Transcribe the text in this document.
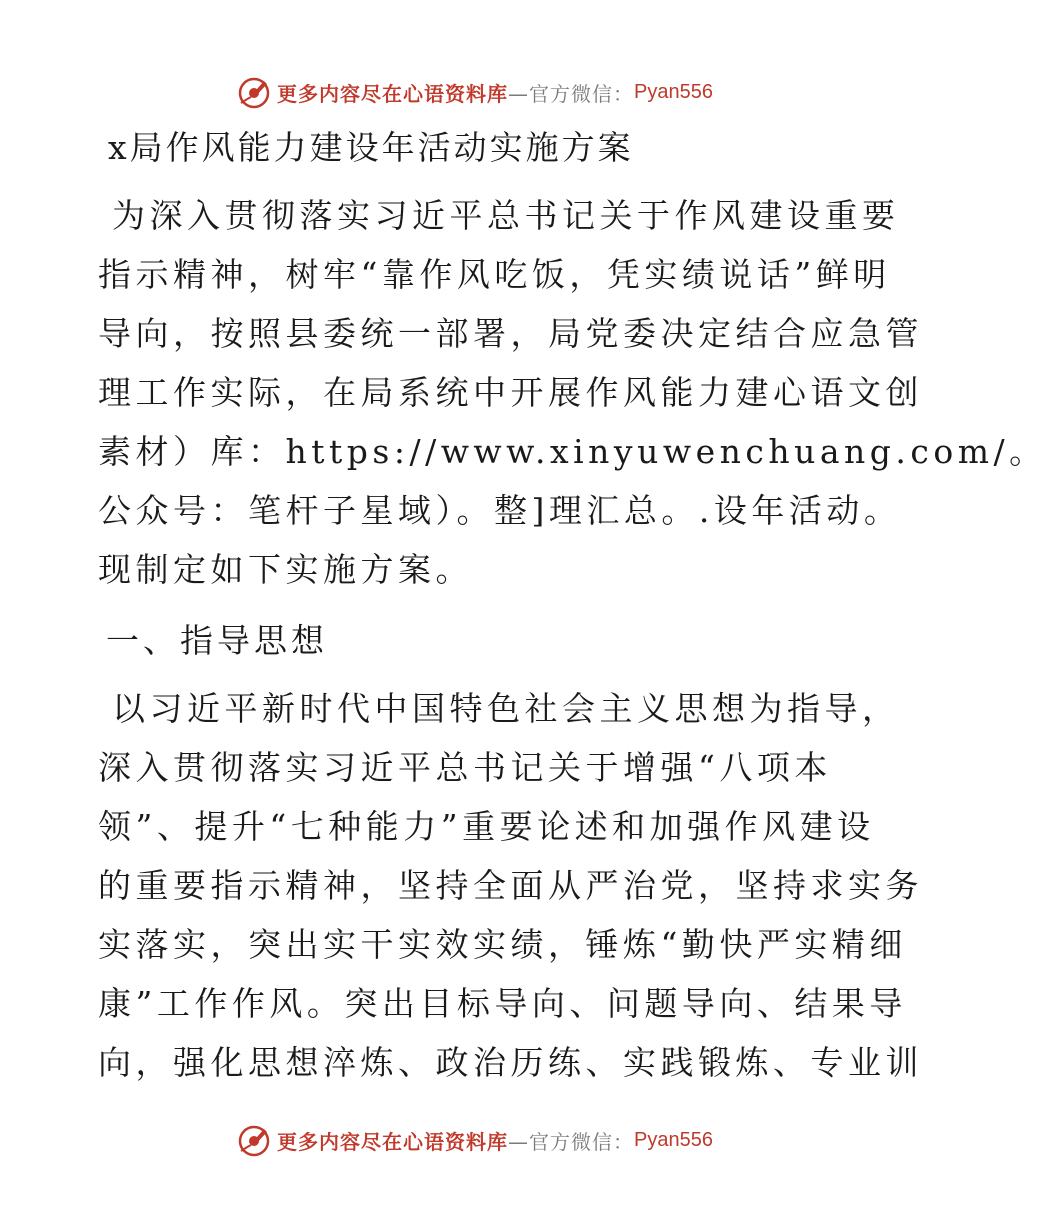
更多内容尽在心语资料库 —官方微信： Pyan556
x局作风能力建设年活动实施方案

为深入贯彻落实习近平总书记关于作风建设重要
指示精神，树牢“靠作风吃饭，凭实绩说话”鲜明
导向，按照县委统一部署，局党委决定结合应急管
理工作实际，在局系统中开展作风能力建心语文创
素材）库：https://www.xinyuwenchuang.com/。
公众号：笔杆子星域）。整]理汇总。.设年活动。
现制定如下实施方案。

一、指导思想

以习近平新时代中国特色社会主义思想为指导，
深入贯彻落实习近平总书记关于增强“八项本
领”、提升“七种能力”重要论述和加强作风建设
的重要指示精神，坚持全面从严治党，坚持求实务
实落实，突出实干实效实绩，锤炼“勤快严实精细
康”工作作风。突出目标导向、问题导向、结果导
向，强化思想淬炼、政治历练、实践锻炼、专业训

更多内容尽在心语资料库 —官方微信： Pyan556
